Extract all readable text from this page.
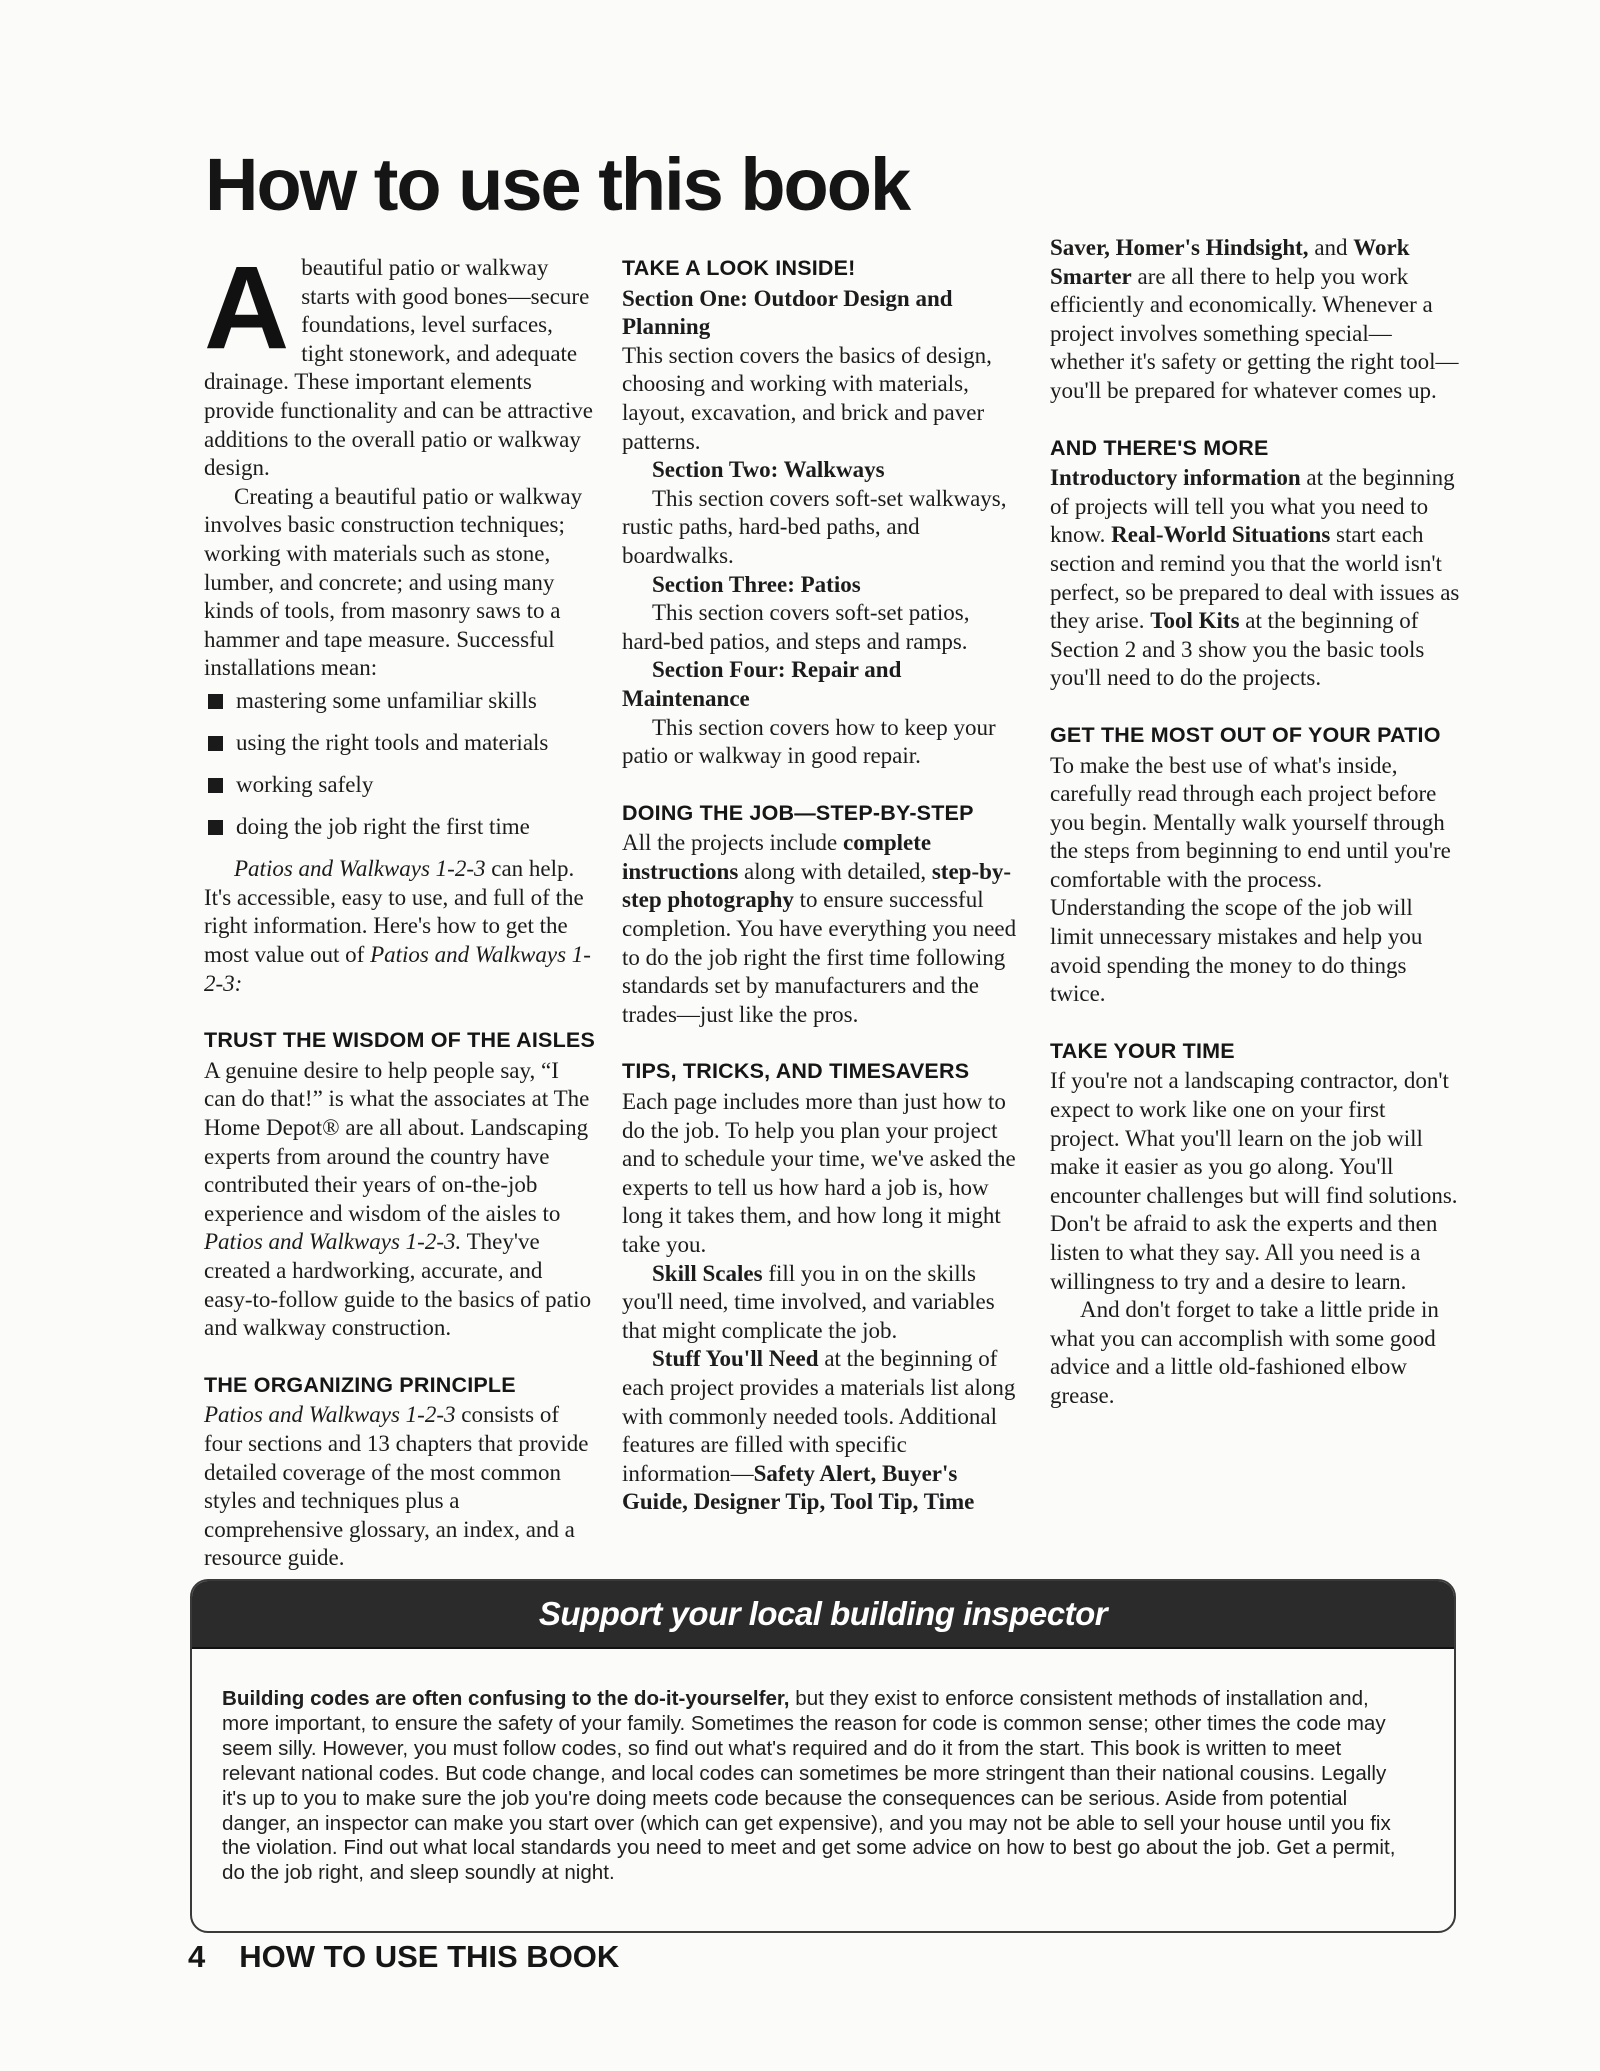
How to use this book

Abeautiful patio or walkway starts with good bones—secure foundations, level surfaces, tight stonework, and adequate drainage. These important elements provide functionality and can be attractive additions to the overall patio or walkway design.

Creating a beautiful patio or walkway involves basic construction techniques; working with materials such as stone, lumber, and concrete; and using many kinds of tools, from masonry saws to a hammer and tape measure. Successful installations mean:

mastering some unfamiliar skills
using the right tools and materials
working safely
doing the job right the first time

Patios and Walkways 1-2-3 can help. It's accessible, easy to use, and full of the right information. Here's how to get the most value out of Patios and Walkways 1-2-3:

TRUST THE WISDOM OF THE AISLES

A genuine desire to help people say, “I can do that!” is what the associates at The Home Depot® are all about. Landscaping experts from around the country have contributed their years of on-the-job experience and wisdom of the aisles to Patios and Walkways 1-2-3. They've created a hardworking, accurate, and easy-to-follow guide to the basics of patio and walkway construction.

THE ORGANIZING PRINCIPLE

Patios and Walkways 1-2-3 consists of four sections and 13 chapters that provide detailed coverage of the most common styles and techniques plus a comprehensive glossary, an index, and a resource guide.

TAKE A LOOK INSIDE!

Section One: Outdoor Design and Planning

This section covers the basics of design, choosing and working with materials, layout, excavation, and brick and paver patterns.

Section Two: Walkways

This section covers soft-set walkways, rustic paths, hard-bed paths, and boardwalks.

Section Three: Patios

This section covers soft-set patios, hard-bed patios, and steps and ramps.

Section Four: Repair and Maintenance

This section covers how to keep your patio or walkway in good repair.

DOING THE JOB—STEP-BY-STEP

All the projects include complete instructions along with detailed, step-by-step photography to ensure successful completion. You have everything you need to do the job right the first time following standards set by manufacturers and the trades—just like the pros.

TIPS, TRICKS, AND TIMESAVERS

Each page includes more than just how to do the job. To help you plan your project and to schedule your time, we've asked the experts to tell us how hard a job is, how long it takes them, and how long it might take you.

Skill Scales fill you in on the skills you'll need, time involved, and variables that might complicate the job.

Stuff You'll Need at the beginning of each project provides a materials list along with commonly needed tools. Additional features are filled with specific information—Safety Alert, Buyer's Guide, Designer Tip, Tool Tip, Time

Saver, Homer's Hindsight, and Work Smarter are all there to help you work efficiently and economically. Whenever a project involves something special—whether it's safety or getting the right tool—you'll be prepared for whatever comes up.

AND THERE'S MORE

Introductory information at the beginning of projects will tell you what you need to know. Real-World Situations start each section and remind you that the world isn't perfect, so be prepared to deal with issues as they arise. Tool Kits at the beginning of Section 2 and 3 show you the basic tools you'll need to do the projects.

GET THE MOST OUT OF YOUR PATIO

To make the best use of what's inside, carefully read through each project before you begin. Mentally walk yourself through the steps from beginning to end until you're comfortable with the process. Understanding the scope of the job will limit unnecessary mistakes and help you avoid spending the money to do things twice.

TAKE YOUR TIME

If you're not a landscaping contractor, don't expect to work like one on your first project. What you'll learn on the job will make it easier as you go along. You'll encounter challenges but will find solutions. Don't be afraid to ask the experts and then listen to what they say. All you need is a willingness to try and a desire to learn.

And don't forget to take a little pride in what you can accomplish with some good advice and a little old-fashioned elbow grease.

Support your local building inspector

Building codes are often confusing to the do-it-yourselfer, but they exist to enforce consistent methods of installation and, more important, to ensure the safety of your family. Sometimes the reason for code is common sense; other times the code may seem silly. However, you must follow codes, so find out what's required and do it from the start. This book is written to meet relevant national codes. But code change, and local codes can sometimes be more stringent than their national cousins. Legally it's up to you to make sure the job you're doing meets code because the consequences can be serious. Aside from potential danger, an inspector can make you start over (which can get expensive), and you may not be able to sell your house until you fix the violation. Find out what local standards you need to meet and get some advice on how to best go about the job. Get a permit, do the job right, and sleep soundly at night.

4 HOW TO USE THIS BOOK
